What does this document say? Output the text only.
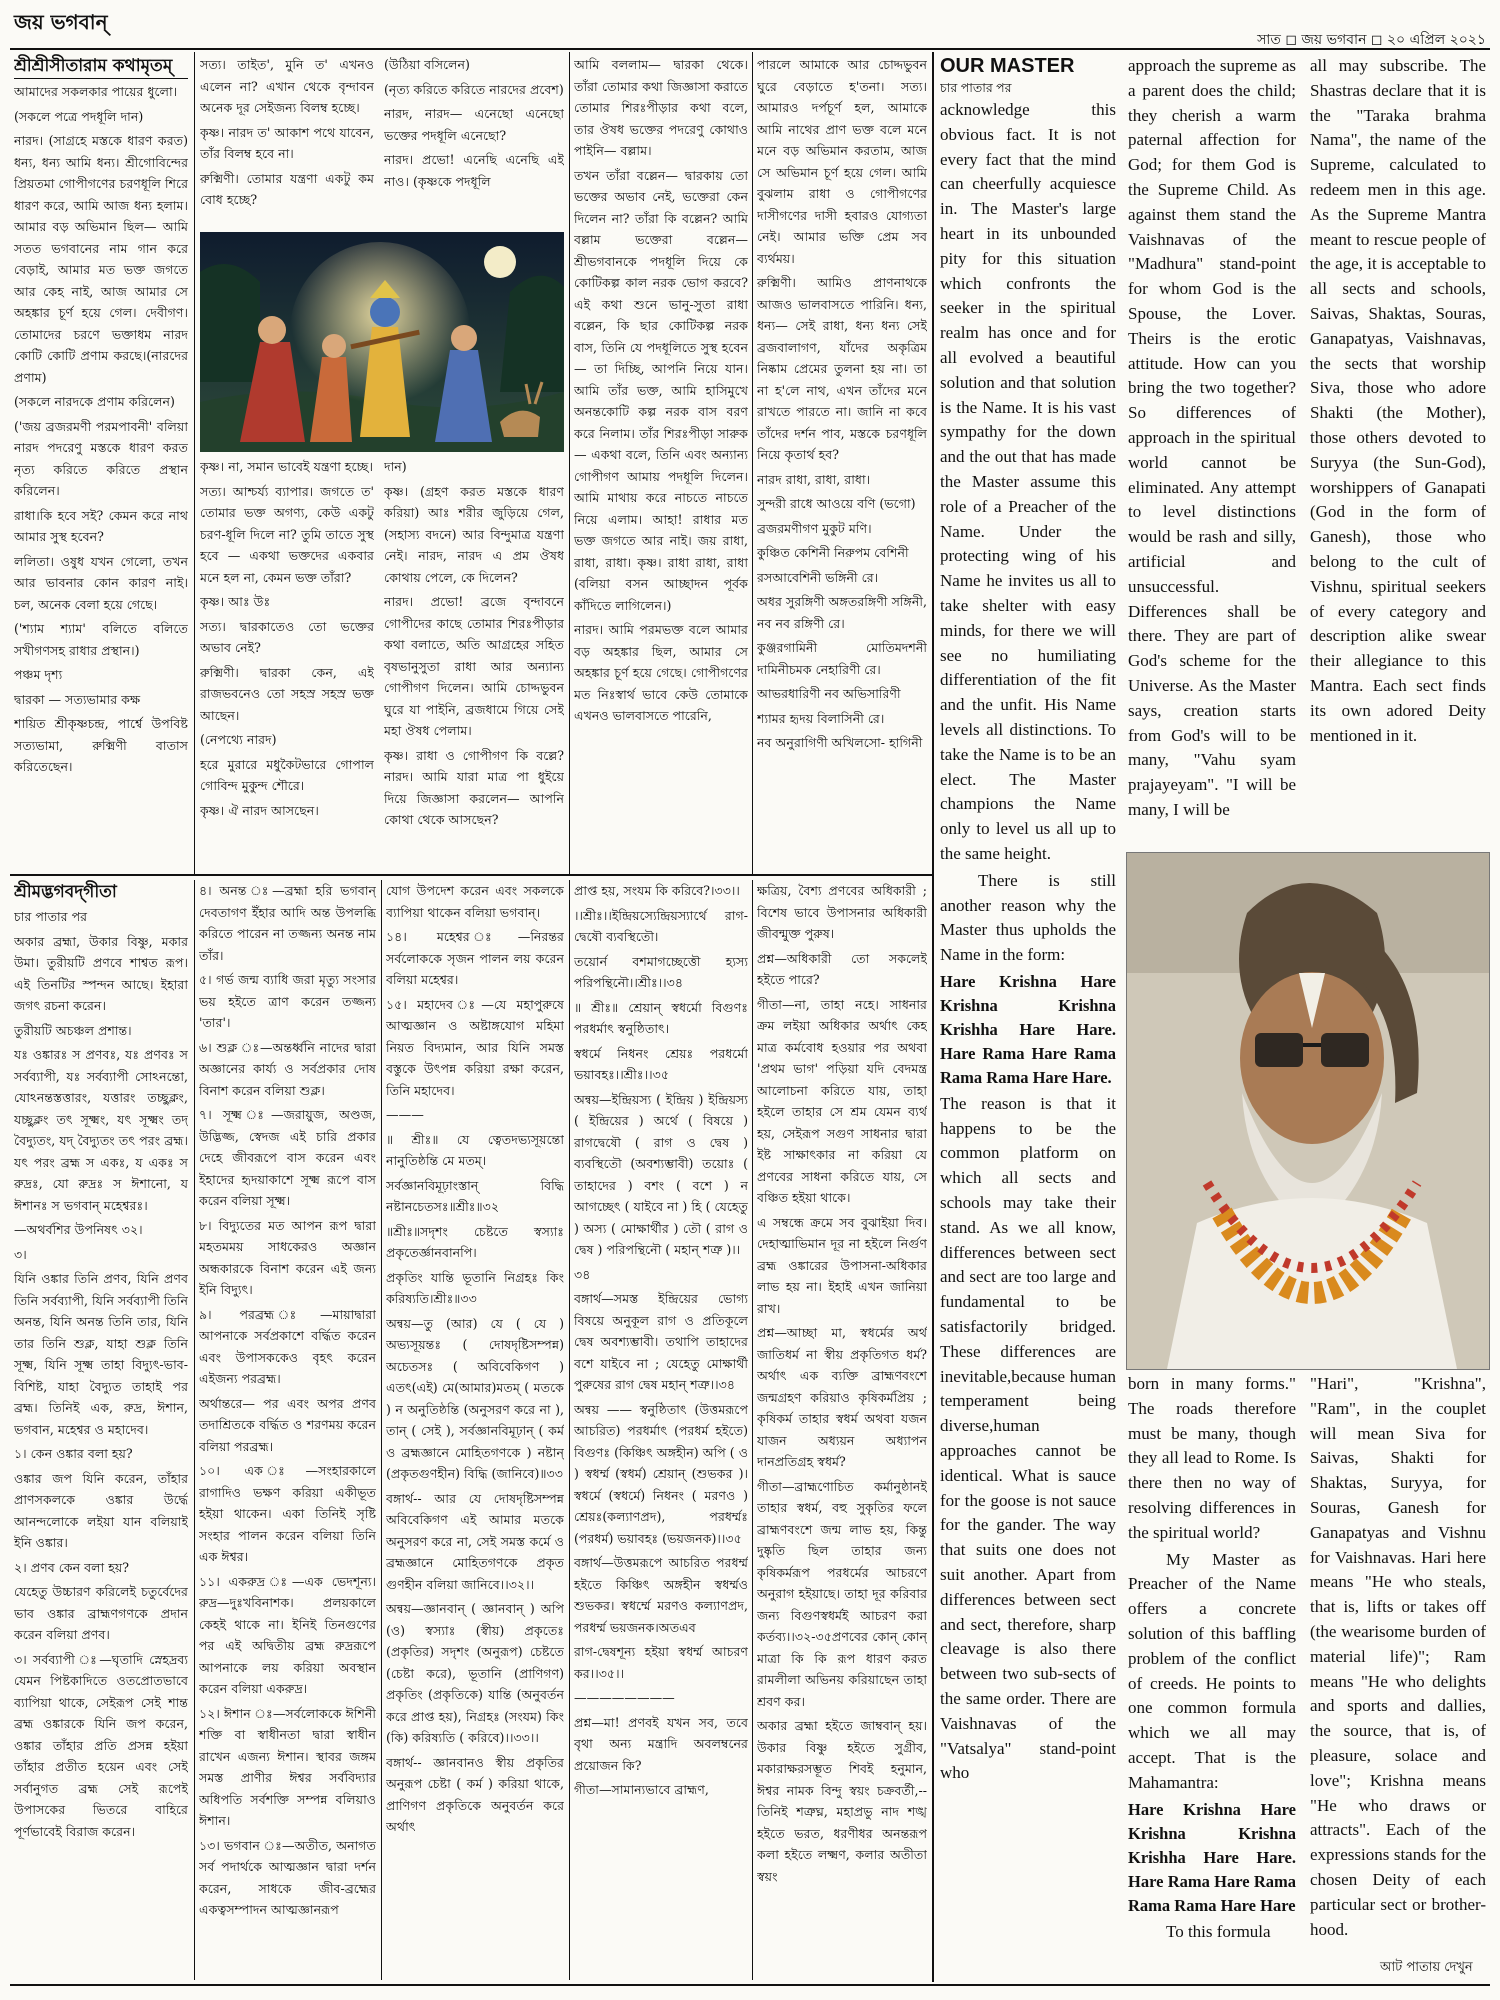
জয় ভগবান্
সাত ◻ জয় ভগবান ◻ ২০ এপ্রিল ২০২১
শ্রীশ্রীসীতারাম কথামৃতম্

আমাদের সকলকার পায়ের ধুলো।

(সকলে পত্রে পদধূলি দান)

নারদ। (সাগ্রহে মস্তকে ধারণ করত) ধন্য, ধন্য আমি ধন্য। শ্রীগোবিন্দের প্রিয়তমা গোপীগণের চরণধূলি শিরে ধারণ করে, আমি আজ ধন্য হলাম। আমার বড় অভিমান ছিল— আমি সতত ভগবানের নাম গান করে বেড়াই, আমার মত ভক্ত জগতে আর কেহ নাই, আজ আমার সে অহঙ্কার চূর্ণ হয়ে গেল। দেবীগণ। তোমাদের চরণে ভক্তাধম নারদ কোটি কোটি প্রণাম করছে।(নারদের প্রণাম)

(সকলে নারদকে প্রণাম করিলেন)

('জয় ব্রজরমণী পরমপাবনী' বলিয়া নারদ পদরেণু মস্তকে ধারণ করত নৃত্য করিতে করিতে প্রস্থান করিলেন।

রাধা।কি হবে সই? কেমন করে নাথ আমার সুস্থ হবেন?

ললিতা। ওষুধ যখন গেলো, তখন আর ভাবনার কোন কারণ নাই। চল, অনেক বেলা হয়ে গেছে।

('শ্যাম শ্যাম' বলিতে বলিতে সখীগণসহ রাধার প্রস্থান।)

পঞ্চম দৃশ্য

দ্বারকা — সত্যভামার কক্ষ

শায়িত শ্রীকৃষ্ণচন্দ্র, পার্শ্বে উপবিষ্ট সত্যভামা, রুক্মিণী বাতাস করিতেছেন।

সত্য। তাইত', মুনি ত' এখনও এলেন না? এখান থেকে বৃন্দাবন অনেক দূর সেইজন্য বিলম্ব হচ্ছে।

কৃষ্ণ। নারদ ত' আকাশ পথে যাবেন, তাঁর বিলম্ব হবে না।

রুক্মিণী। তোমার যন্ত্রণা একটু কম বোধ হচ্ছে?

(উঠিয়া বসিলেন)

(নৃত্য করিতে করিতে নারদের প্রবেশ)

নারদ, নারদ— এনেছো এনেছো ভক্তের পদধূলি এনেছো?

নারদ। প্রভো! এনেছি এনেছি এই নাও। (কৃষ্ণকে পদধূলি

কৃষ্ণ। না, সমান ভাবেই যন্ত্রণা হচ্ছে।

সত্য। আশ্চর্য্য ব্যাপার। জগতে ত' তোমার ভক্ত অগণ্য, কেউ একটু চরণ-ধূলি দিলে না? তুমি তাতে সুস্থ হবে — একথা ভক্তদের একবার মনে হল না, কেমন ভক্ত তাঁরা?

কৃষ্ণ। আঃ উঃ

সত্য। দ্বারকাতেও তো ভক্তের অভাব নেই?

রুক্মিণী। দ্বারকা কেন, এই রাজভবনেও তো সহস্র সহস্র ভক্ত আছেন।

(নেপথ্যে নারদ)

হরে মুরারে মধুকৈটভারে গোপাল গোবিন্দ মুকুন্দ শৌরে।

কৃষ্ণ। ঐ নারদ আসছেন।

দান)

কৃষ্ণ। (গ্রহণ করত মস্তকে ধারণ করিয়া) আঃ শরীর জুড়িয়ে গেল, (সহাস্য বদনে) আর বিন্দুমাত্র যন্ত্রণা নেই। নারদ, নারদ এ প্রম ঔষধ কোথায় পেলে, কে দিলেন?

নারদ। প্রভো! ব্রজে বৃন্দাবনে গোপীদের কাছে তোমার শিরঃপীড়ার কথা বলাতে, অতি আগ্রহের সহিত বৃষভানুসুতা রাধা আর অন্যান্য গোপীগণ দিলেন। আমি চোদ্দভুবন ঘুরে যা পাইনি, ব্রজধামে গিয়ে সেই মহা ঔষধ পেলাম।

কৃষ্ণ। রাধা ও গোপীগণ কি বল্লে? নারদ। আমি যারা মাত্র পা ধুইয়ে দিয়ে জিজ্ঞাসা করলেন— আপনি কোথা থেকে আসছেন?

আমি বললাম— দ্বারকা থেকে। তাঁরা তোমার কথা জিজ্ঞাসা করাতে তোমার শিরঃপীড়ার কথা বলে, তার ঔষধ ভক্তের পদরেণু কোথাও পাইনি— বল্লাম।

তখন তাঁরা বল্লেন— দ্বারকায় তো ভক্তের অভাব নেই, ভক্তেরা কেন দিলেন না? তাঁরা কি বল্লেন? আমি বল্লাম ভক্তেরা বল্লেন— শ্রীভগবানকে পদধূলি দিয়ে কে কোটিকল্প কাল নরক ভোগ করবে? এই কথা শুনে ভানু-সুতা রাধা বল্লেন, কি ছার কোটিকল্প নরক বাস, তিনি যে পদধূলিতে সুস্থ হবেন — তা দিচ্ছি, আপনি নিয়ে যান। আমি তাঁর ভক্ত, আমি হাসিমুখে অনন্তকোটি কল্প নরক বাস বরণ করে নিলাম। তাঁর শিরঃপীড়া সারুক — একথা বলে, তিনি এবং অন্যান্য গোপীগণ আমায় পদধূলি দিলেন। আমি মাথায় করে নাচতে নাচতে নিয়ে এলাম। আহা! রাধার মত ভক্ত জগতে আর নাই। জয় রাধা, রাধা, রাধা। কৃষ্ণ। রাধা রাধা, রাধা (বলিয়া বসন আচ্ছাদন পূর্বক কাঁদিতে লাগিলেন।)

নারদ। আমি পরমভক্ত বলে আমার বড় অহঙ্কার ছিল, আমার সে অহঙ্কার চূর্ণ হয়ে গেছে। গোপীগণের মত নিঃস্বার্থ ভাবে কেউ তোমাকে এখনও ভালবাসতে পারেনি,

পারলে আমাকে আর চোদ্দভুবন ঘুরে বেড়াতে হ'তনা। সত্য। আমারও দর্পচূর্ণ হল, আমাকে আমি নাথের প্রাণ ভক্ত বলে মনে মনে বড় অভিমান করতাম, আজ সে অভিমান চূর্ণ হয়ে গেল। আমি বুঝলাম রাধা ও গোপীগণের দাসীগণের দাসী হবারও যোগ্যতা নেই। আমার ভক্তি প্রেম সব ব্যর্থময়।

রুক্মিণী। আমিও প্রাণনাথকে আজও ভালবাসতে পারিনি। ধন্য, ধন্য— সেই রাধা, ধন্য ধন্য সেই ব্রজবালাগণ, যাঁদের অকৃত্রিম নিষ্কাম প্রেমের তুলনা হয় না। তা না হ'লে নাথ, এখন তাঁদের মনে রাখতে পারতে না। জানি না কবে তাঁদের দর্শন পাব, মস্তকে চরণধূলি নিয়ে কৃতার্থ হব?

নারদ রাধা, রাধা, রাধা।

সুন্দরী রাধে আওয়ে বণি (ভগো)

ব্রজরমণীগণ মুকুট মণি।

কুঞ্চিত কেশিনী নিরুপম বেশিনী

রসআবেশিনী ভঙ্গিনী রে।

অধর সুরঙ্গিণী অঙ্গতরঙ্গিণী সঙ্গিনী, নব নব রঙ্গিণী রে।

কুঞ্জরগামিনী মোতিমদশনী দামিনীচমক নেহারিণী রে।

আভরধারিণী নব অভিসারিণী

শ্যামর হৃদয় বিলাসিনী রে।

নব অনুরাগিণী অখিলসো- হাগিনী

শ্রীমদ্ভগবদ্‌গীতা

চার পাতার পর

অকার ব্রহ্মা, উকার বিষ্ণু, মকার উমা। তুরীয়টি প্রণবে শাশ্বত রূপ। এই তিনটির স্পন্দন আছে। ইহারা জগৎ রচনা করেন।

তুরীয়টি অচঞ্চল প্রশান্ত।

যঃ ওঙ্কারঃ স প্রণবঃ, যঃ প্রণবঃ স সর্বব্যাপী, যঃ সর্বব্যাপী সোঽনন্তো, যোঽনন্তস্তত্তারং, যত্তারং তচ্ছুক্লং, যচ্ছুক্লং তৎ সূক্ষ্মং, যৎ সূক্ষ্মং তদ্ বৈদ্যুতং, যদ্ বৈদ্যুতং তৎ পরং ব্রহ্ম। যৎ পরং ব্রহ্ম স একঃ, য একঃ স রুদ্রঃ, যো রুদ্রঃ স ঈশানো, য ঈশানঃ স ভগবান্ মহেশ্বরঃ।

—অথর্বশির উপনিষৎ ৩২।

৩।

যিনি ওঙ্কার তিনি প্রণব, যিনি প্রণব তিনি সর্বব্যাপী, যিনি সর্বব্যাপী তিনি অনন্ত, যিনি অনন্ত তিনি তার, যিনি তার তিনি শুক্ল, যাহা শুক্ল তিনি সূক্ষ্ম, যিনি সূক্ষ্ম তাহা বিদ্যুৎ-ভাব-বিশিষ্ট, যাহা বৈদ্যুত তাহাই পর ব্রহ্ম। তিনিই এক, রুদ্র, ঈশান, ভগবান, মহেশ্বর ও মহাদেব।

১। কেন ওঙ্কার বলা হয়?

ওঙ্কার জপ যিনি করেন, তাঁহার প্রাণসকলকে ওঙ্কার উর্দ্ধে আনন্দলোকে লইয়া যান বলিয়াই ইনি ওঙ্কার।

২। প্রণব কেন বলা হয়?

যেহেতু উচ্চারণ করিলেই চতুর্বেদের ভাব ওঙ্কার ব্রাহ্মণগণকে প্রদান করেন বলিয়া প্রণব।

৩। সর্বব্যাপী ঃ—ঘৃতাদি স্নেহদ্রব্য যেমন পিষ্টকাদিতে ওতপ্রোতভাবে ব্যাপিয়া থাকে, সেইরূপ সেই শান্ত ব্রহ্ম ওঙ্কারকে যিনি জপ করেন, ওঙ্কার তাঁহার প্রতি প্রসন্ন হইয়া তাঁহার প্রতীত হয়েন এবং সেই সর্বানুগত ব্রহ্ম সেই রূপেই উপাসকের ভিতরে বাহিরে পূর্ণভাবেই বিরাজ করেন।

৪। অনন্ত ঃ—ব্রহ্মা হরি ভগবান্ দেবতাগণ ইঁহার আদি অন্ত উপলব্ধি করিতে পারেন না তজ্জন্য অনন্ত নাম তাঁর।

৫। গর্ভ জন্ম ব্যাধি জরা মৃত্যু সংসার ভয় হইতে ত্রাণ করেন তজ্জন্য 'তার'।

৬। শুক্ল ঃ—অন্তর্ধ্বনি নাদের দ্বারা অজ্ঞানের কার্য্য ও সর্বপ্রকার দোষ বিনাশ করেন বলিয়া শুক্ল।

৭। সূক্ষ্ম ঃ—জরায়ুজ, অণ্ডজ, উদ্ভিজ্জ, স্বেদজ এই চারি প্রকার দেহে জীবরূপে বাস করেন এবং ইহাদের হৃদয়াকাশে সূক্ষ্ম রূপে বাস করেন বলিয়া সূক্ষ্ম।

৮। বিদ্যুতের মত আপন রূপ দ্বারা মহতমময় সাধকেরও অজ্ঞান অন্ধকারকে বিনাশ করেন এই জন্য ইনি বিদ্যুৎ।

৯। পরব্রহ্ম ঃ—মায়াদ্বারা আপনাকে সর্বপ্রকাশে বর্দ্ধিত করেন এবং উপাসককেও বৃহৎ করেন এইজন্য পরব্রহ্ম।

অর্থান্তরে— পর এবং অপর প্রণব তদাশ্রিতকে বর্দ্ধিত ও শরণময় করেন বলিয়া পরব্রহ্ম।

১০। এক ঃ—সংহারকালে রাগাদিও ভক্ষণ করিয়া একীভূত হইয়া থাকেন। একা তিনিই সৃষ্টি সংহার পালন করেন বলিয়া তিনি এক ঈশ্বর।

১১। একরুদ্র ঃ—এক ভেদশূন্য। রুদ্র—দুঃখবিনাশক। প্রলয়কালে কেহই থাকে না। ইনিই তিনগুণের পর এই অদ্বিতীয় ব্রহ্ম রুদ্ররূপে আপনাকে লয় করিয়া অবস্থান করেন বলিয়া একরুদ্র।

১২। ঈশান ঃ—সর্বলোককে ঈশিনী শক্তি বা স্বাধীনতা দ্বারা স্বাধীন রাখেন এজন্য ঈশান। স্থাবর জঙ্গম সমস্ত প্রাণীর ঈশ্বর সর্ববিদ্যার অধিপতি সর্বশক্তি সম্পন্ন বলিয়াও ঈশান।

১৩। ভগবান ঃ—অতীত, অনাগত সর্ব পদার্থকে আত্মজ্ঞান দ্বারা দর্শন করেন, সাধকে জীব-ব্রহ্মের একত্বসম্পাদন আত্মজ্ঞানরূপ

যোগ উপদেশ করেন এবং সকলকে ব্যাপিয়া থাকেন বলিয়া ভগবান্।

১৪। মহেশ্বর ঃ—নিরন্তর সর্বলোককে সৃজন পালন লয় করেন বলিয়া মহেশ্বর।

১৫। মহাদেব ঃ—যে মহাপুরুষে আত্মজ্ঞান ও অষ্টাঙ্গযোগ মহিমা নিয়ত বিদ্যমান, আর যিনি সমস্ত বস্তুকে উৎপন্ন করিয়া রক্ষা করেন, তিনি মহাদেব।

———

॥ শ্রীঃ॥ যে ত্বেতদভ্যসূয়ন্তো নানুতিষ্ঠন্তি মে মতম্।

সর্বজ্ঞানবিমূঢ়াংস্তান্ বিদ্ধি নষ্টানচেতসঃ॥শ্রীঃ॥৩২

॥শ্রীঃ॥সদৃশং চেষ্টতে স্বস্যাঃ প্রকৃতের্জ্ঞানবানপি।

প্রকৃতিং যান্তি ভূতানি নিগ্রহঃ কিং করিষ্যতি।শ্রীঃ॥৩৩

অন্বয়—তু (আর) যে ( যে ) অভ্যসূয়ন্তঃ ( দোষদৃষ্টিসম্পন্ন) অচেতসঃ ( অবিবেকিগণ ) এতৎ(এই) মে(আমার)মতম্ ( মতকে ) ন অনুতিষ্ঠন্তি (অনুসরণ করে না ), তান্ ( সেই ), সর্বজ্ঞানবিমূঢ়ান্ ( কর্ম ও ব্রহ্মজ্ঞানে মোহিতগণকে ) নষ্টান্ (প্রকৃতগুণহীন) বিদ্ধি (জানিবে)॥৩৩

বঙ্গার্থ-- আর যে দোষদৃষ্টিসম্পন্ন অবিবেকিগণ এই আমার মতকে অনুসরণ করে না, সেই সমস্ত কর্মে ও ব্রহ্মজ্ঞানে মোহিতগণকে প্রকৃত গুণহীন বলিয়া জানিবে।।৩২।।

অন্বয়—জ্ঞানবান্ ( জ্ঞানবান্ ) অপি (ও) স্বস্যাঃ (স্বীয়) প্রকৃতেঃ (প্রকৃতির) সদৃশং (অনুরূপ) চেষ্টতে (চেষ্টা করে), ভূতানি (প্রাণিগণ) প্রকৃতিং (প্রকৃতিকে) যান্তি (অনুবর্তন করে প্রাপ্ত হয়), নিগ্রহঃ (সংযম) কিং (কি) করিষ্যতি ( করিবে)।।৩৩।।

বঙ্গার্থ-- জ্ঞানবানও স্বীয় প্রকৃতির অনুরূপ চেষ্টা ( কর্ম ) করিয়া থাকে, প্রাণিগণ প্রকৃতিকে অনুবর্তন করে অর্থাৎ

প্রাপ্ত হয়, সংযম কি করিবে?।৩৩।।

।।শ্রীঃ।।ইন্দ্রিয়স্যেন্দ্রিয়স্যার্থে রাগ-দ্বেষৌ ব্যবস্থিতৌ।

তয়োর্ন বশমাগচ্ছেত্তৌ হ্যস্য পরিপন্থিনৌ।।শ্রীঃ।।৩৪

॥ শ্রীঃ॥ শ্রেয়ান্ স্বধর্মো বিগুণঃ পরধর্মাৎ স্বনুষ্ঠিতাৎ।

স্বধর্মে নিধনং শ্রেয়ঃ পরধর্মো ভয়াবহঃ।।শ্রীঃ।।৩৫

অন্বয়—ইন্দ্রিয়স্য ( ইন্দ্রিয় ) ইন্দ্রিয়স্য ( ইন্দ্রিয়ের ) অর্থে ( বিষয়ে ) রাগদ্বেষৌ ( রাগ ও দ্বেষ ) ব্যবস্থিতৌ (অবশ্যম্ভাবী) তয়োঃ ( তাহাদের ) বশং ( বশে ) ন আগচ্ছেৎ ( যাইবে না ) হি ( যেহেতু ) অস্য ( মোক্ষার্থীর ) তৌ ( রাগ ও দ্বেষ ) পরিপন্থিনৌ ( মহান্ শত্রু )।।

৩৪

বঙ্গার্থ—সমস্ত ইন্দ্রিয়ের ভোগ্য বিষয়ে অনুকূল রাগ ও প্রতিকূলে দ্বেষ অবশ্যম্ভাবী। তথাপি তাহাদের বশে যাইবে না ; যেহেতু মোক্ষার্থী পুরুষের রাগ দ্বেষ মহান্ শত্রু।।৩৪

অন্বয় —— স্বনুষ্ঠিতাৎ (উত্তমরূপে আচরিত) পরধর্মাৎ (পরধর্ম হইতে) বিগুণঃ (কিঞ্চিৎ অঙ্গহীন) অপি ( ও ) স্বধর্ম্ম (স্বধর্ম) শ্রেয়ান্ (শুভকর )। স্বধর্মে (স্বধর্মে) নিধনং ( মরণও ) শ্রেয়ঃ(কল্যাণপ্রদ), পরধর্ম্মঃ (পরধর্ম) ভয়াবহঃ (ভয়জনক)।।৩৫

বঙ্গার্থ—উত্তমরূপে আচরিত পরধর্ম্ম হইতে কিঞ্চিৎ অঙ্গহীন স্বধর্ম্মও শুভকর। স্বধর্ম্মে মরণও কল্যাণপ্রদ, পরধর্ম্ম ভয়জনক।অতএব

রাগ-দ্বেষশূন্য হইয়া স্বধর্ম্ম আচরণ কর।।৩৫।।

————————

প্রশ্ন—মা! প্রণবই যখন সব, তবে বৃথা অন্য মন্ত্রাদি অবলম্বনের প্রয়োজন কি?

গীতা—সামান্যভাবে ব্রাহ্মণ,

ক্ষত্রিয়, বৈশ্য প্রণবের অধিকারী ; বিশেষ ভাবে উপাসনার অধিকারী জীবন্মুক্ত পুরুষ।

প্রশ্ন—অধিকারী তো সকলেই হইতে পারে?

গীতা—না, তাহা নহে। সাধনার ক্রম লইয়া অধিকার অর্থাৎ কেহ মাত্র কর্মবোধ হওয়ার পর অথবা 'প্রথম ভাগ' পড়িয়া যদি বেদমন্ত্র আলোচনা করিতে যায়, তাহা হইলে তাহার সে শ্রম যেমন ব্যর্থ হয়, সেইরূপ সগুণ সাধনার দ্বারা ইষ্ট সাক্ষাৎকার না করিয়া যে প্রণবের সাধনা করিতে যায়, সে বঞ্চিত হইয়া থাকে।

এ সম্বন্ধে ক্রমে সব বুঝাইয়া দিব। দেহাত্মাভিমান দূর না হইলে নির্গুণ ব্রহ্ম ওঙ্কারের উপাসনা-অধিকার লাভ হয় না। ইহাই এখন জানিয়া রাখ।

প্রশ্ন—আচ্ছা মা, স্বধর্মের অর্থ জাতিধর্ম না স্বীয় প্রকৃতিগত ধর্ম? অর্থাৎ এক ব্যক্তি ব্রাহ্মণবংশে জন্মগ্রহণ করিয়াও কৃষিকর্মপ্রিয় ; কৃষিকর্ম তাহার স্বধর্ম অথবা যজন যাজন অধ্যয়ন অধ্যাপন দানপ্রতিগ্রহ স্বধর্ম?

গীতা—ব্রাহ্মণোচিত কর্মানুষ্ঠানই তাহার স্বধর্ম, বহু সুকৃতির ফলে ব্রাহ্মণবংশে জন্ম লাভ হয়, কিন্তু দুষ্কৃতি ছিল তাহার জন্য কৃষিকর্মরূপ পরধর্মের আচরণে অনুরাগ হইয়াছে। তাহা দূর করিবার জন্য বিগুণস্বধর্মই আচরণ করা কর্তব্য।।৩২-৩৫প্রণবের কোন্ কোন্ মাত্রা কি কি রূপ ধারণ করত রামলীলা অভিনয় করিয়াছেন তাহা শ্রবণ কর।

অকার ব্রহ্মা হইতে জাম্ববান্ হয়। উকার বিষ্ণু হইতে সুগ্রীব, মকারাক্ষরসম্ভূত শিবই হনুমান, ঈশ্বর নামক বিন্দু স্বয়ং চক্রবর্তী,--তিনিই শত্রুঘ্ন, মহাপ্রভু নাদ শঙ্খ হইতে ভরত, ধরণীধর অনন্তরূপ কলা হইতে লক্ষ্মণ, কলার অতীতা স্বয়ং

OUR MASTER

চার পাতার পর

acknowledge this obvious fact. It is not every fact that the mind can cheerfully acquiesce in. The Master's large heart in its unbounded pity for this situation which confronts the seeker in the spiritual realm has once and for all evolved a beautiful solution and that solution is the Name. It is his vast sympathy for the down and the out that has made the Master assume this role of a Preacher of the Name. Under the protecting wing of his Name he invites us all to take shelter with easy minds, for there we will see no humiliating differentiation of the fit and the unfit. His Name levels all distinctions. To take the Name is to be an elect. The Master champions the Name only to level us all up to the same height.

There is still another reason why the Master thus upholds the Name in the form:

Hare Krishna Hare Krishna Krishna Krishha Hare Hare. Hare Rama Hare Rama Rama Rama Hare Hare.

The reason is that it happens to be the common platform on which all sects and schools may take their stand. As we all know, differences between sect and sect are too large and fundamental to be satisfactorily bridged. These differences are inevitable,because human temperament being diverse,human approaches cannot be identical. What is sauce for the goose is not sauce for the gander. The way that suits one does not suit another. Apart from differences between sect and sect, therefore, sharp cleavage is also there between two sub-sects of the same order. There are Vaishnavas of the "Vatsalya" stand-point who

approach the supreme as a parent does the child; they cherish a warm paternal affection for God; for them God is the Supreme Child. As against them stand the Vaishnavas of the "Madhura" stand-point for whom God is the Spouse, the Lover. Theirs is the erotic attitude. How can you bring the two together? So differences of approach in the spiritual world cannot be eliminated. Any attempt to level distinctions would be rash and silly, artificial and unsuccessful. Differences shall be there. They are part of God's scheme for the Universe. As the Master says, creation starts from God's will to be many, "Vahu syam prajayeyam". "I will be many, I will be

all may subscribe. The Shastras declare that it is the "Taraka brahma Nama", the name of the Supreme, calculated to redeem men in this age. As the Supreme Mantra meant to rescue people of the age, it is acceptable to all sects and schools, Saivas, Shaktas, Souras, Ganapatyas, Vaishnavas, the sects that worship Siva, those who adore Shakti (the Mother), those others devoted to Suryya (the Sun-God), worshippers of Ganapati (God in the form of Ganesh), those who belong to the cult of Vishnu, spiritual seekers of every category and description alike swear their allegiance to this Mantra. Each sect finds its own adored Deity mentioned in it.

born in many forms." The roads therefore must be many, though they all lead to Rome. Is there then no way of resolving differences in the spiritual world?

My Master as Preacher of the Name offers a concrete solution of this baffling problem of the conflict of creeds. He points to one common formula which we all may accept. That is the Mahamantra:

Hare Krishna Hare Krishna Krishna Krishha Hare Hare. Hare Rama Hare Rama Rama Rama Hare Hare

To this formula

"Hari", "Krishna", "Ram", in the couplet will mean Siva for Saivas, Shakti for Shaktas, Suryya, for Souras, Ganesh for Ganapatyas and Vishnu for Vaishnavas. Hari here means "He who steals, that is, lifts or takes off (the wearisome burden of material life)"; Ram means "He who delights and sports and dallies, the source, that is, of pleasure, solace and love"; Krishna means "He who draws or attracts". Each of the expressions stands for the chosen Deity of each particular sect or brother-hood.

আট পাতায় দেখুন
